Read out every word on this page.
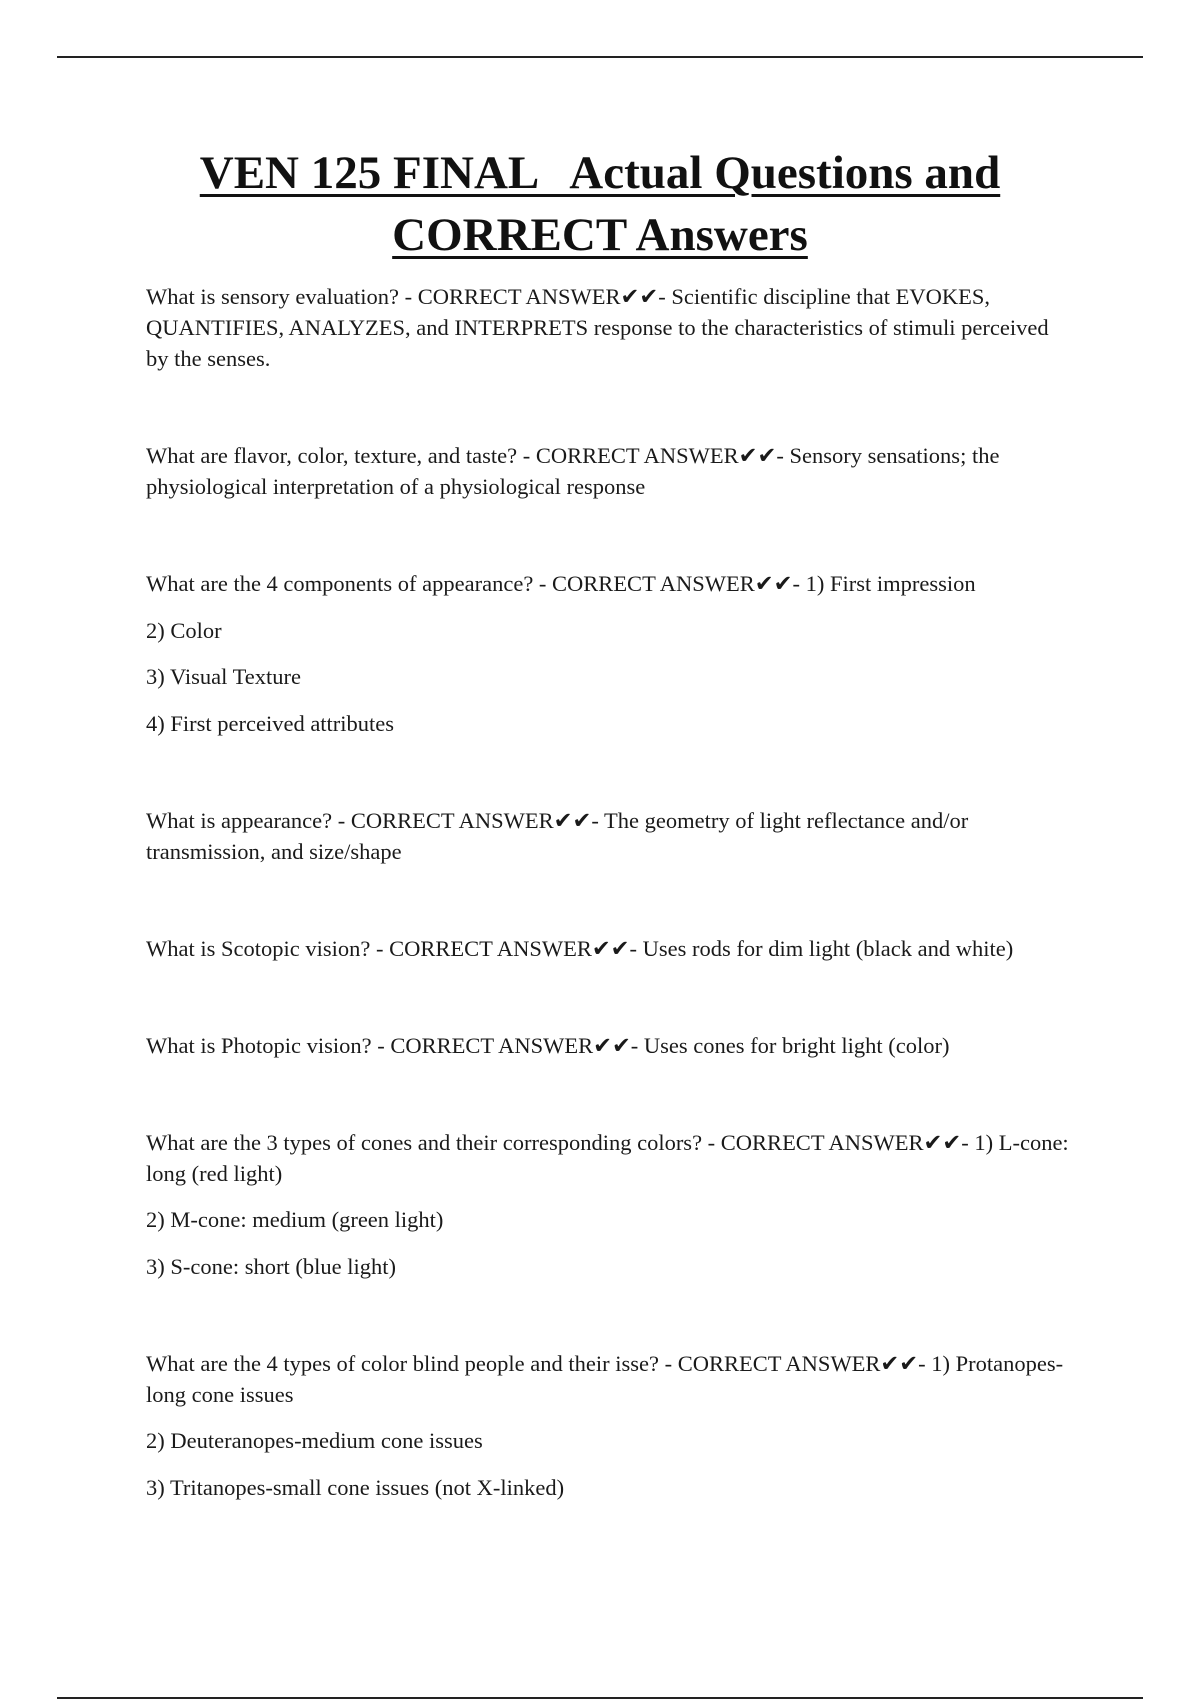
VEN 125 FINAL   Actual Questions and
CORRECT Answers

What is sensory evaluation? - CORRECT ANSWER✔✔- Scientific discipline that EVOKES, QUANTIFIES, ANALYZES, and INTERPRETS response to the characteristics of stimuli perceived by the senses.

What are flavor, color, texture, and taste? - CORRECT ANSWER✔✔- Sensory sensations; the physiological interpretation of a physiological response

What are the 4 components of appearance? - CORRECT ANSWER✔✔- 1) First impression

2) Color

3) Visual Texture

4) First perceived attributes

What is appearance? - CORRECT ANSWER✔✔- The geometry of light reflectance and/or transmission, and size/shape

What is Scotopic vision? - CORRECT ANSWER✔✔- Uses rods for dim light (black and white)

What is Photopic vision? - CORRECT ANSWER✔✔- Uses cones for bright light (color)

What are the 3 types of cones and their corresponding colors? - CORRECT ANSWER✔✔- 1) L-cone: long (red light)

2) M-cone: medium (green light)

3) S-cone: short (blue light)

What are the 4 types of color blind people and their isse? - CORRECT ANSWER✔✔- 1) Protanopes- long cone issues

2) Deuteranopes-medium cone issues

3) Tritanopes-small cone issues (not X-linked)
